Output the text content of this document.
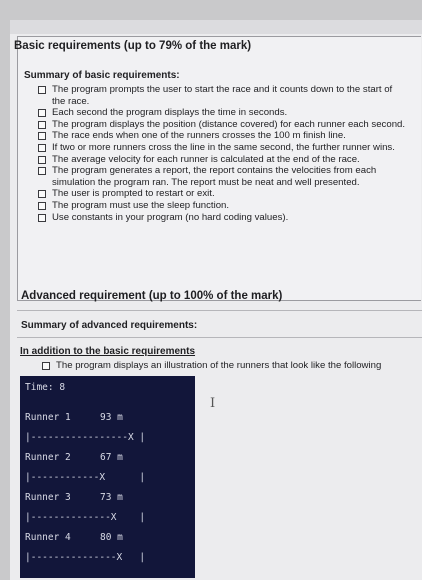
Basic requirements (up to 79% of the mark)

Summary of basic requirements:

The program prompts the user to start the race and it counts down to the start of the race.
Each second the program displays the time in seconds.
The program displays the position (distance covered) for each runner each second.
The race ends when one of the runners crosses the 100 m finish line.
If two or more runners cross the line in the same second, the further runner wins.
The average velocity for each runner is calculated at the end of the race.
The program generates a report, the report contains the velocities from each simulation the program ran. The report must be neat and well presented.
The user is prompted to restart or exit.
The program must use the sleep function.
Use constants in your program (no hard coding values).
Advanced requirement (up to 100% of the mark)

Summary of advanced requirements:

In addition to the basic requirements

The program displays an illustration of the runners that look like the following
Time: 8
Runner 1	93 m
|-----------------X |
Runner 2	67 m
|------------X      |
Runner 3	73 m
|--------------X    |
Runner 4	80 m
|---------------X   |
I
